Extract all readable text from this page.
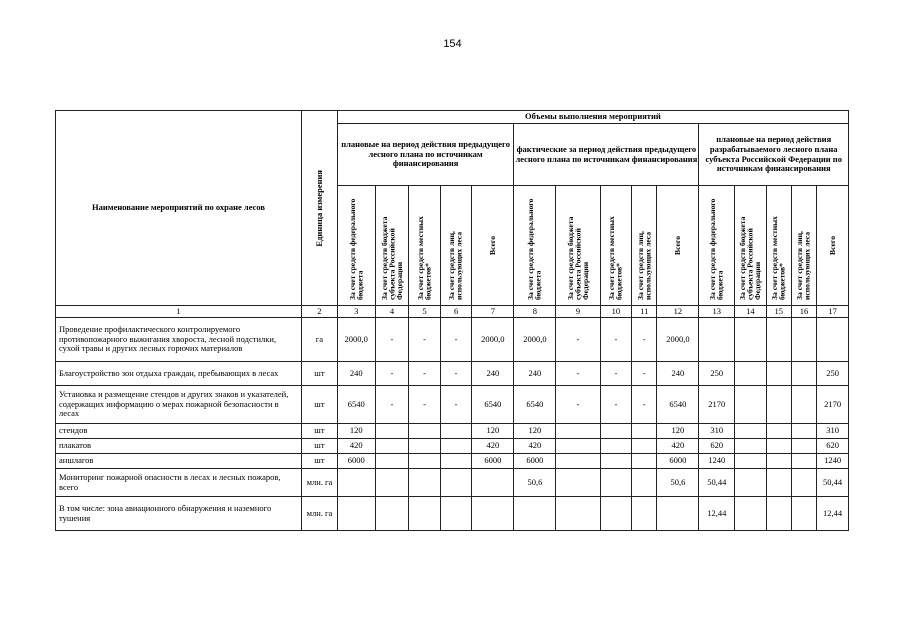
154
Наименование мероприятий по охране лесов	Единица измерения	Объемы выполнения мероприятий														
		плановые на период действия предыдущего лесного плана по источникам финансирования					фактические за период действия предыдущего лесного плана по источникам финансирования					плановые на период действия разрабатываемого лесного плана субъекта Российской Федерации по источникам финансирования				

		За счет средств федерального бюджета	За счет средств бюджета субъекта Российской Федерации	За счет средств местных бюджетов*	За счет средств лиц, использующих леса	Всего	За счет средств федерального бюджета	За счет средств бюджета субъекта Российской Федерации	За счет средств местных бюджетов*	За счет средств лиц, использующих леса	Всего	За счет средств федерального бюджета	За счет средств бюджета субъекта Российской Федерации	За счет средств местных бюджетов*	За счет средств лиц, использующих леса	Всего

1	2	3	4	5	6	7	8	9	10	11	12	13	14	15	16	17
Проведение профилактического контролируемого противопожарного выжигания хвороста, лесной подстилки, сухой травы и других лесных горючих материалов	га	2000,0	-	-	-	2000,0	2000,0	-	-	-	2000,0					
Благоустройство зон отдыха граждан, пребывающих в лесах	шт	240	-	-	-	240	240	-	-	-	240	250				250
Установка и размещение стендов и других знаков и указателей, содержащих информацию о мерах пожарной безопасности в лесах	шт	6540	-	-	-	6540	6540	-	-	-	6540	2170				2170
стендов	шт	120				120	120				120	310				310
плакатов	шт	420				420	420				420	620				620
аншлагов	шт	6000				6000	6000				6000	1240				1240
Мониторинг пожарной опасности в лесах и лесных пожаров, всего	млн. га						50,6				50,6	50,44				50,44
В том числе: зона авиационного обнаружения и наземного тушения	млн. га											12,44				12,44
